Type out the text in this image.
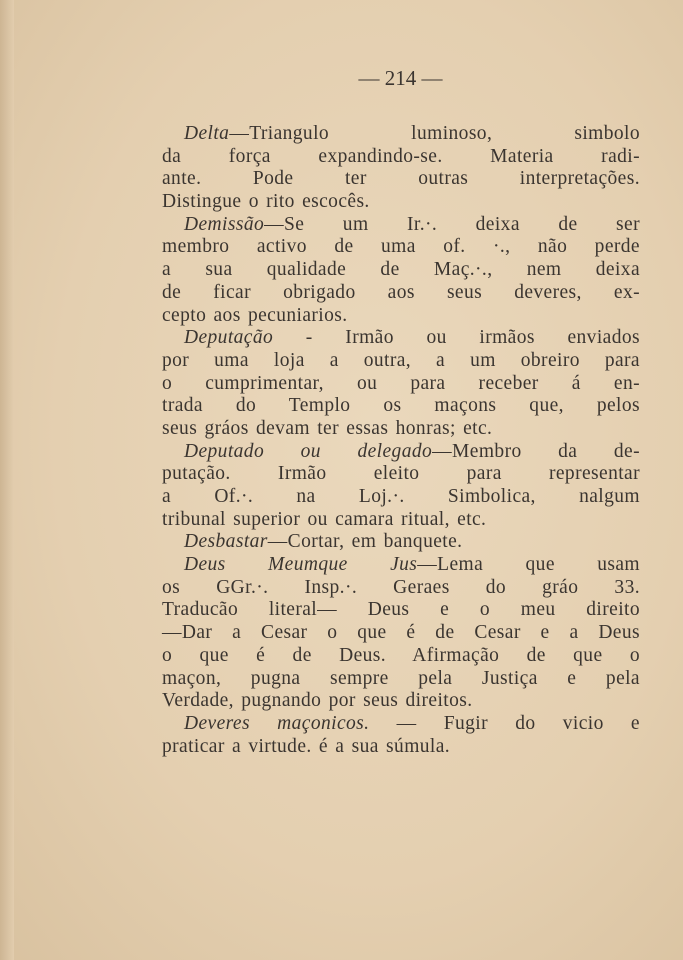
— 214 —
Delta—Triangulo luminoso, simbolo
da força expandindo-se. Materia radi-
ante. Pode ter outras interpretações.
Distingue o rito escocês.
Demissão—Se um Ir.·. deixa de ser
membro activo de uma of. ·., não perde
a sua qualidade de Maç.·., nem deixa
de ficar obrigado aos seus deveres, ex-
cepto aos pecuniarios.
Deputação - Irmão ou irmãos enviados
por uma loja a outra, a um obreiro para
o cumprimentar, ou para receber á en-
trada do Templo os maçons que, pelos
seus gráos devam ter essas honras; etc.
Deputado ou delegado—Membro da de-
putação. Irmão eleito para representar
a Of.·. na Loj.·. Simbolica, nalgum
tribunal superior ou camara ritual, etc.
Desbastar—Cortar, em banquete.
Deus Meumque Jus—Lema que usam
os GGr.·. Insp.·. Geraes do gráo 33.
Traducão literal— Deus e o meu direito
—Dar a Cesar o que é de Cesar e a Deus
o que é de Deus. Afirmação de que o
maçon, pugna sempre pela Justiça e pela
Verdade, pugnando por seus direitos.
Deveres maçonicos. — Fugir do vicio e
praticar a virtude. é a sua súmula.
